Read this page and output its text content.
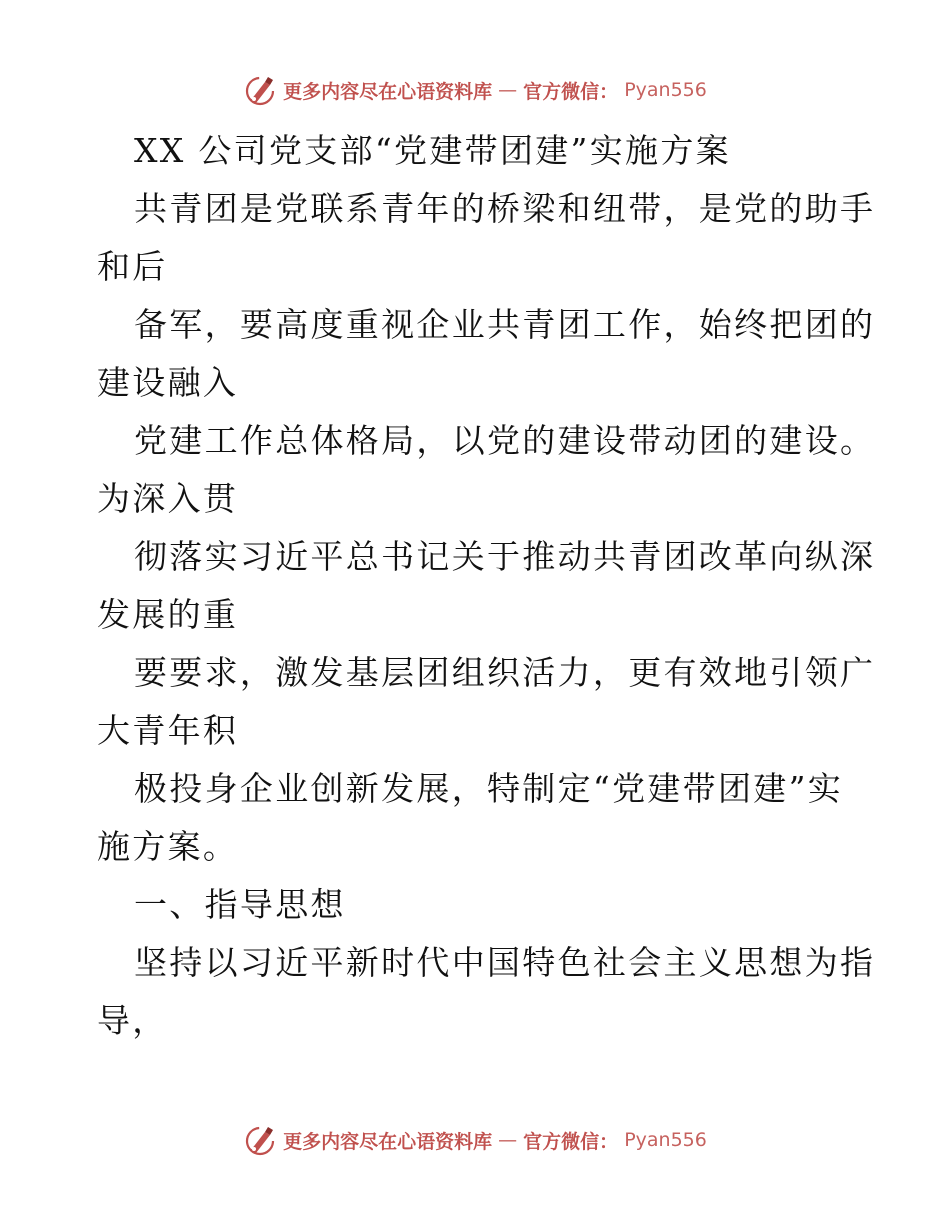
更多内容尽在心语资料库 — 官方微信： Pyan556

XX 公司党支部“党建带团建”实施方案

共青团是党联系青年的桥梁和纽带，是党的助手

和后

备军，要高度重视企业共青团工作，始终把团的

建设融入

党建工作总体格局，以党的建设带动团的建设。

为深入贯

彻落实习近平总书记关于推动共青团改革向纵深

发展的重

要要求，激发基层团组织活力，更有效地引领广

大青年积

极投身企业创新发展，特制定“党建带团建”实

施方案。

一、指导思想

坚持以习近平新时代中国特色社会主义思想为指

导，

更多内容尽在心语资料库 — 官方微信： Pyan556
